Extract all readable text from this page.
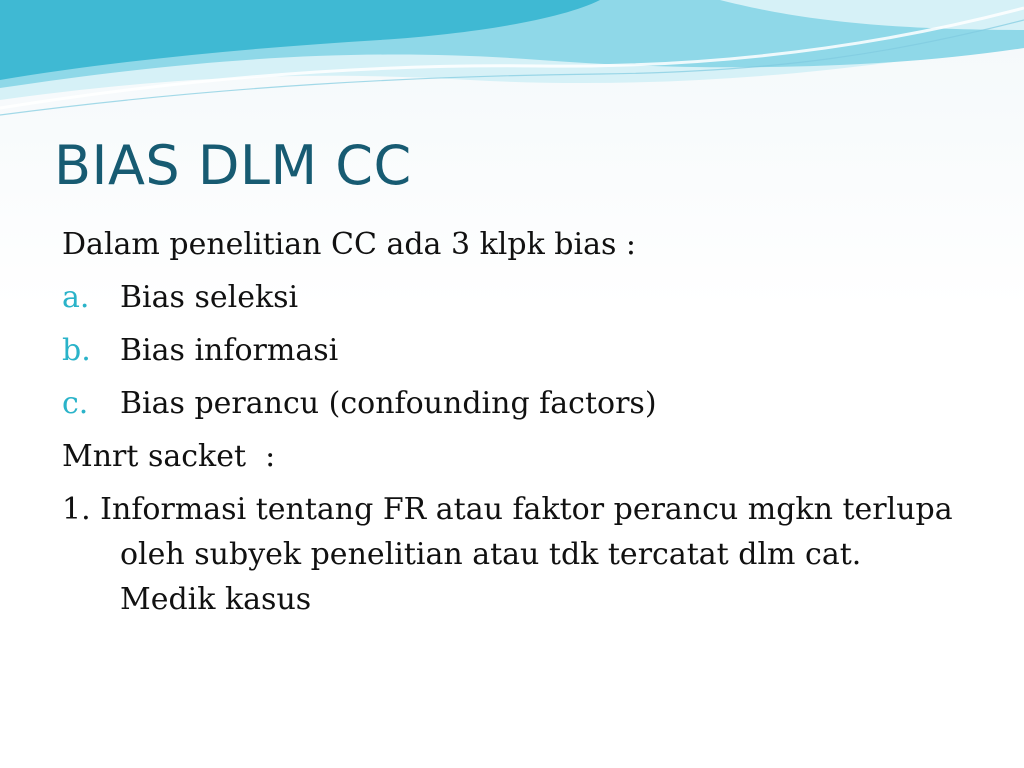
BIAS DLM CC
Dalam penelitian CC ada 3 klpk bias :
a.	Bias seleksi
b. Bias informasi
c.	Bias perancu (confounding factors)
Mnrt sacket  :
1. Informasi tentang FR atau faktor perancu mgkn terlupa oleh subyek penelitian atau tdk tercatat dlm cat. Medik kasus
